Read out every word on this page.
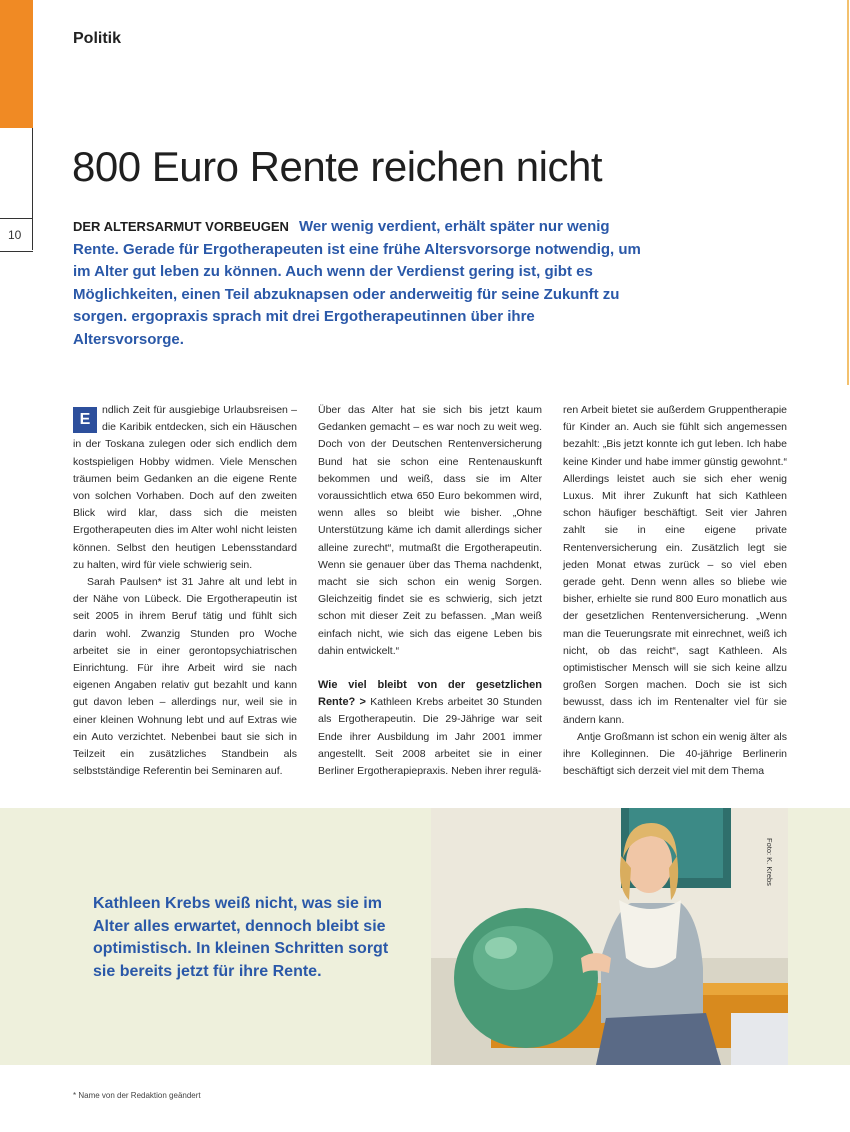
10
Politik
800 Euro Rente reichen nicht
DER ALTERSARMUT VORBEUGEN Wer wenig verdient, erhält später nur wenig Rente. Gerade für Ergotherapeuten ist eine frühe Altersvorsorge notwendig, um im Alter gut leben zu können. Auch wenn der Verdienst gering ist, gibt es Möglichkeiten, einen Teil abzuknapsen oder anderweitig für seine Zukunft zu sorgen. ergopraxis sprach mit drei Ergotherapeutinnen über ihre Altersvorsorge.

E
ndlich Zeit für ausgiebige Urlaubsreisen – die Karibik entdecken, sich ein Häuschen in der Toskana zulegen oder sich endlich dem kostspieligen Hobby widmen. Viele Menschen träumen beim Gedanken an die eigene Rente von solchen Vorhaben. Doch auf den zweiten Blick wird klar, dass sich die meisten Ergotherapeuten dies im Alter wohl nicht leisten können. Selbst den heutigen Lebensstandard zu halten, wird für viele schwierig sein.

Sarah Paulsen* ist 31 Jahre alt und lebt in der Nähe von Lübeck. Die Ergotherapeutin ist seit 2005 in ihrem Beruf tätig und fühlt sich darin wohl. Zwanzig Stunden pro Woche arbeitet sie in einer gerontopsychiatrischen Einrichtung. Für ihre Arbeit wird sie nach eigenen Angaben relativ gut bezahlt und kann gut davon leben – allerdings nur, weil sie in einer kleinen Wohnung lebt und auf Extras wie ein Auto verzichtet. Nebenbei baut sie sich in Teilzeit ein zusätzliches Standbein als selbstständige Referentin bei Seminaren auf.

Über das Alter hat sie sich bis jetzt kaum Gedanken gemacht – es war noch zu weit weg. Doch von der Deutschen Rentenversicherung Bund hat sie schon eine Rentenauskunft bekommen und weiß, dass sie im Alter voraussichtlich etwa 650 Euro bekommen wird, wenn alles so bleibt wie bisher. „Ohne Unterstützung käme ich damit allerdings sicher alleine zurecht“, mutmaßt die Ergotherapeutin. Wenn sie genauer über das Thema nachdenkt, macht sie sich schon ein wenig Sorgen. Gleichzeitig findet sie es schwierig, sich jetzt schon mit dieser Zeit zu befassen. „Man weiß einfach nicht, wie sich das eigene Leben bis dahin entwickelt.“

Wie viel bleibt von der gesetzlichen Rente? > Kathleen Krebs arbeitet 30 Stunden als Ergotherapeutin. Die 29-Jährige war seit Ende ihrer Ausbildung im Jahr 2001 immer angestellt. Seit 2008 arbeitet sie in einer Berliner Ergotherapiepraxis. Neben ihrer regulä-

ren Arbeit bietet sie außerdem Gruppentherapie für Kinder an. Auch sie fühlt sich angemessen bezahlt: „Bis jetzt konnte ich gut leben. Ich habe keine Kinder und habe immer günstig gewohnt.“ Allerdings leistet auch sie sich eher wenig Luxus. Mit ihrer Zukunft hat sich Kathleen schon häufiger beschäftigt. Seit vier Jahren zahlt sie in eine eigene private Rentenversicherung ein. Zusätzlich legt sie jeden Monat etwas zurück – so viel eben gerade geht. Denn wenn alles so bliebe wie bisher, erhielte sie rund 800 Euro monatlich aus der gesetzlichen Rentenversicherung. „Wenn man die Teuerungsrate mit einrechnet, weiß ich nicht, ob das reicht“, sagt Kathleen. Als optimistischer Mensch will sie sich keine allzu großen Sorgen machen. Doch sie ist sich bewusst, dass ich im Rentenalter viel für sie ändern kann.

Antje Großmann ist schon ein wenig älter als ihre Kolleginnen. Die 40-jährige Berlinerin beschäftigt sich derzeit viel mit dem Thema

Kathleen Krebs weiß nicht, was sie im Alter alles erwartet, dennoch bleibt sie optimistisch. In kleinen Schritten sorgt sie bereits jetzt für ihre Rente.
Foto: K. Krebs
* Name von der Redaktion geändert
